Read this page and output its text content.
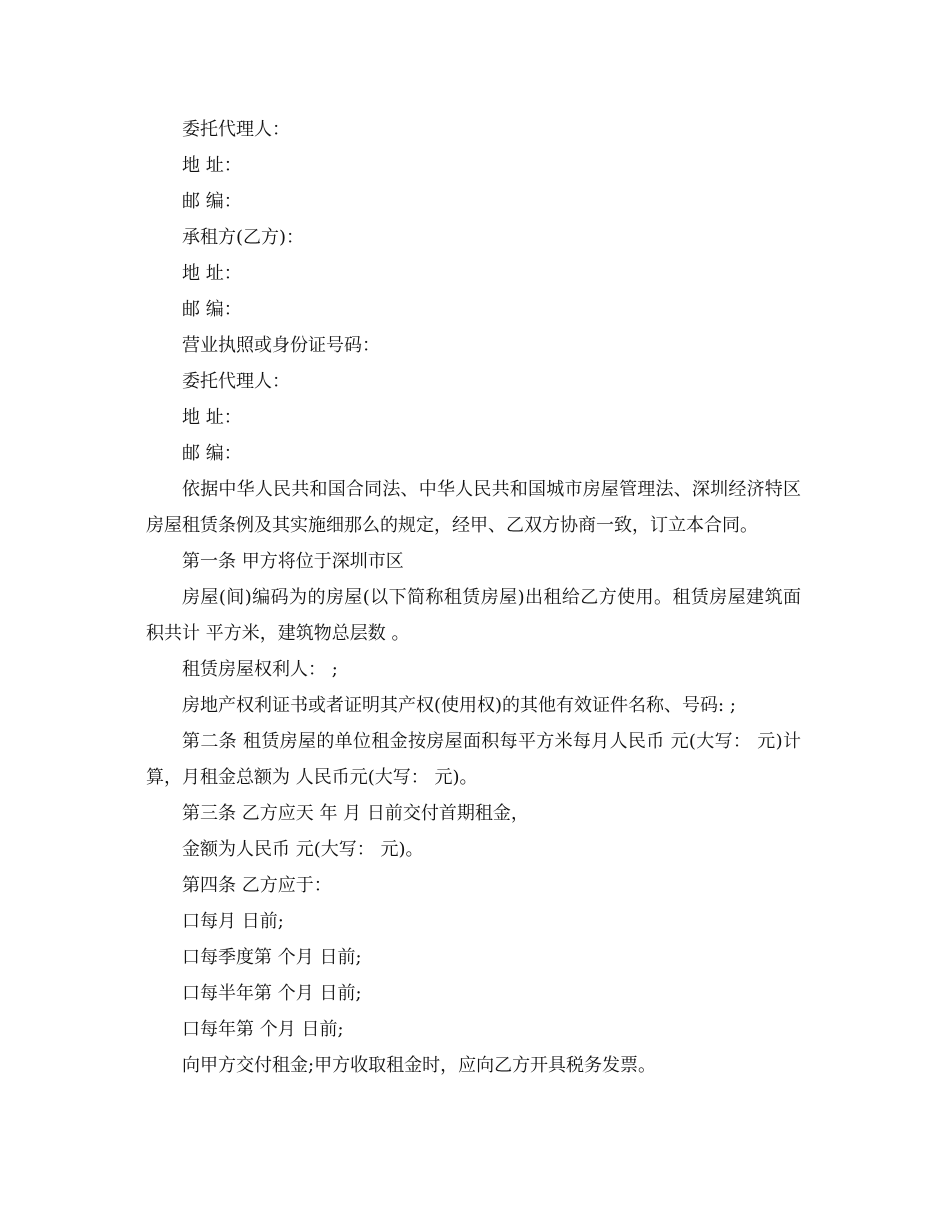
委托代理人：

地 址：

邮 编：

承租方(乙方)：

地 址：

邮 编：

营业执照或身份证号码：

委托代理人：

地 址：

邮 编：

依据中华人民共和国合同法、中华人民共和国城市房屋管理法、深圳经济特区房屋租赁条例及其实施细那么的规定，经甲、乙双方协商一致，订立本合同。

第一条 甲方将位于深圳市区

房屋(间)编码为的房屋(以下简称租赁房屋)出租给乙方使用。租赁房屋建筑面积共计 平方米，建筑物总层数 。

租赁房屋权利人： ;

房地产权利证书或者证明其产权(使用权)的其他有效证件名称、号码: ;

第二条 租赁房屋的单位租金按房屋面积每平方米每月人民币 元(大写： 元)计算，月租金总额为 人民币元(大写： 元)。

第三条 乙方应天 年 月 日前交付首期租金，

金额为人民币 元(大写： 元)。

第四条 乙方应于：

口每月 日前;

口每季度第 个月 日前;

口每半年第 个月 日前;

口每年第 个月 日前;

向甲方交付租金;甲方收取租金时，应向乙方开具税务发票。
